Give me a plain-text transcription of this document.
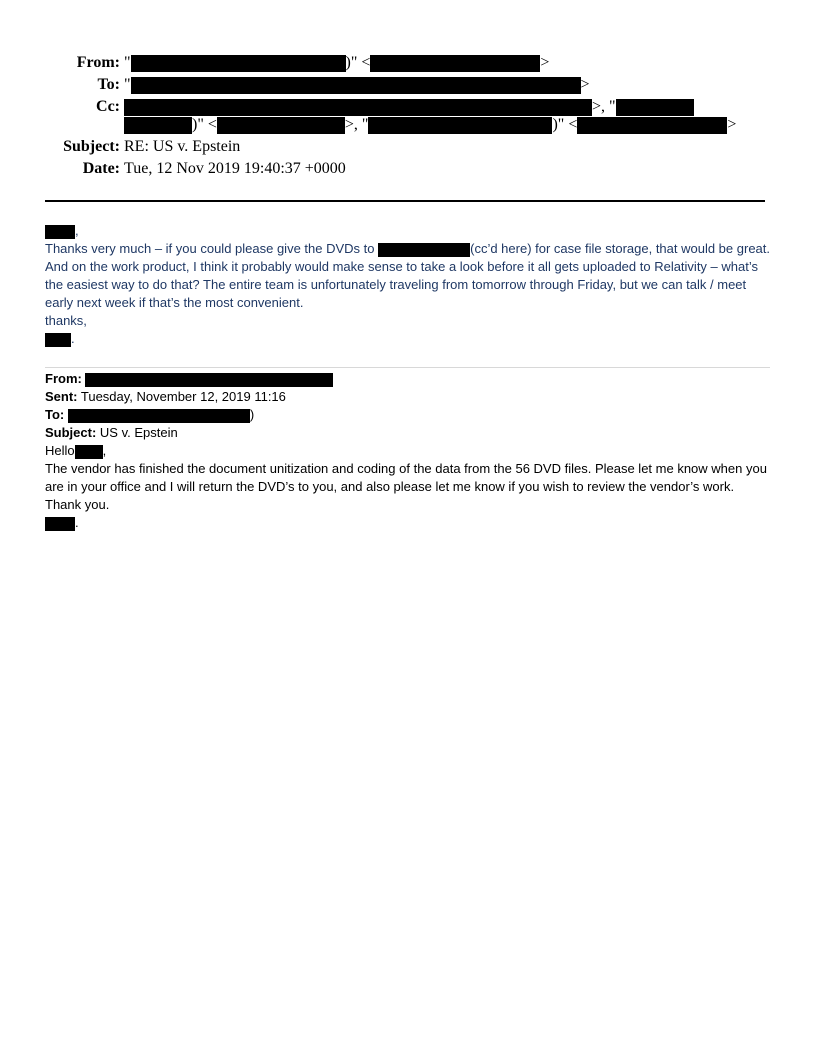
From: "	)" <	>
To: "	>
Cc:	>, "
)" <	>, "	)" <	>
Subject: RE: US v. Epstein
Date: Tue, 12 Nov 2019 19:40:37 +0000

,

Thanks very much – if you could please give the DVDs to	(cc’d here) for case file storage, that would be great.

And on the work product, I think it probably would make sense to take a look before it all gets uploaded to Relativity – what’s the easiest way to do that? The entire team is unfortunately traveling from tomorrow through Friday, but we can talk / meet early next week if that’s the most convenient.

thanks,

.

From:

Sent: Tuesday, November 12, 2019 11:16

To:	)

Subject: US v. Epstein

Hello ,

The vendor has finished the document unitization and coding of the data from the 56 DVD files. Please let me know when you are in your office and I will return the DVD’s to you, and also please let me know if you wish to review the vendor’s work.

Thank you.

.
